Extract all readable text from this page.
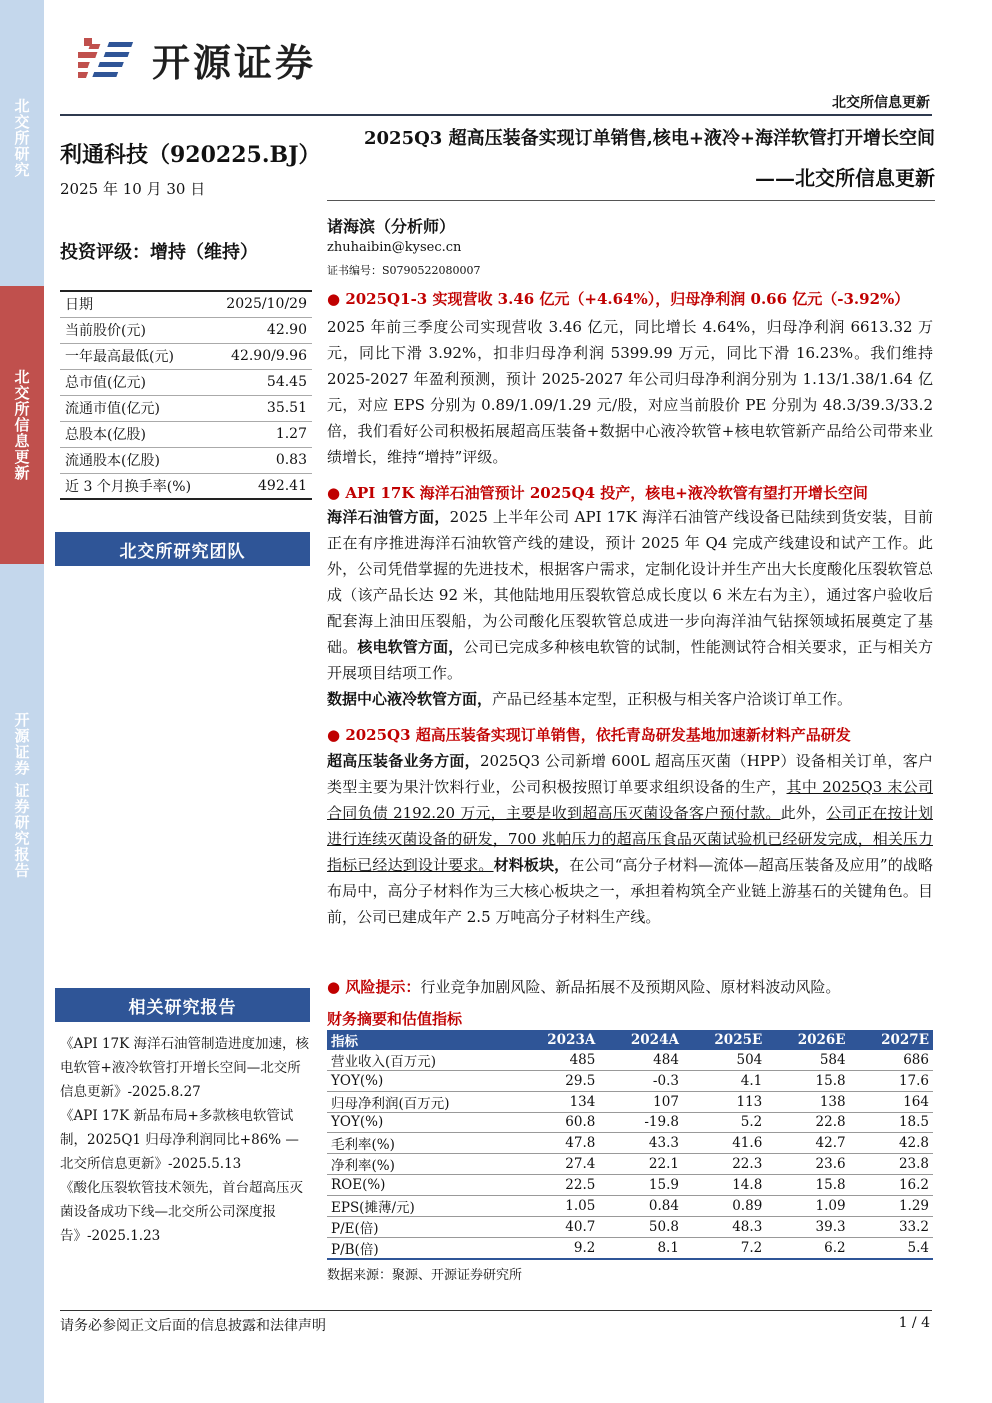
北交所研究
北交所信息更新
开源证券 证券研究报告
开源证券
北交所信息更新
利通科技（920225.BJ）
2025 年 10 月 30 日
投资评级：增持（维持）
日期	2025/10/29
当前股价(元)	42.90
一年最高最低(元)	42.90/9.96
总市值(亿元)	54.45
流通市值(亿元)	35.51
总股本(亿股)	1.27
流通股本(亿股)	0.83
近 3 个月换手率(%)	492.41
北交所研究团队
相关研究报告

《API 17K 海洋石油管制造进度加速，核电软管+液冷软管打开增长空间—北交所信息更新》-2025.8.27

《API 17K 新品布局+多款核电软管试制，2025Q1 归母净利润同比+86% —北交所信息更新》-2025.5.13

《酸化压裂软管技术领先，首台超高压灭菌设备成功下线—北交所公司深度报告》-2025.1.23

2025Q3 超高压装备实现订单销售,核电+液冷+海洋软管打开增长空间
——北交所信息更新
诸海滨（分析师）
zhuhaibin@kysec.cn
证书编号：S0790522080007
● 2025Q1-3 实现营收 3.46 亿元（+4.64%），归母净利润 0.66 亿元（-3.92%）
2025 年前三季度公司实现营收 3.46 亿元，同比增长 4.64%，归母净利润 6613.32 万元，同比下滑 3.92%，扣非归母净利润 5399.99 万元，同比下滑 16.23%。我们维持 2025-2027 年盈利预测，预计 2025-2027 年公司归母净利润分别为 1.13/1.38/1.64 亿元，对应 EPS 分别为 0.89/1.09/1.29 元/股，对应当前股价 PE 分别为 48.3/39.3/33.2 倍，我们看好公司积极拓展超高压装备+数据中心液冷软管+核电软管新产品给公司带来业绩增长，维持“增持”评级。
● API 17K 海洋石油管预计 2025Q4 投产，核电+液冷软管有望打开增长空间
海洋石油管方面，2025 上半年公司 API 17K 海洋石油管产线设备已陆续到货安装，目前正在有序推进海洋石油软管产线的建设，预计 2025 年 Q4 完成产线建设和试产工作。此外，公司凭借掌握的先进技术，根据客户需求，定制化设计并生产出大长度酸化压裂软管总成（该产品长达 92 米，其他陆地用压裂软管总成长度以 6 米左右为主），通过客户验收后配套海上油田压裂船，为公司酸化压裂软管总成进一步向海洋油气钻探领域拓展奠定了基础。核电软管方面，公司已完成多种核电软管的试制，性能测试符合相关要求，正与相关方开展项目结项工作。
数据中心液冷软管方面，产品已经基本定型，正积极与相关客户洽谈订单工作。
● 2025Q3 超高压装备实现订单销售，依托青岛研发基地加速新材料产品研发
超高压装备业务方面，2025Q3 公司新增 600L 超高压灭菌（HPP）设备相关订单，客户类型主要为果汁饮料行业，公司积极按照订单要求组织设备的生产，其中 2025Q3 末公司合同负债 2192.20 万元，主要是收到超高压灭菌设备客户预付款。此外，公司正在按计划进行连续灭菌设备的研发，700 兆帕压力的超高压食品灭菌试验机已经研发完成，相关压力指标已经达到设计要求。材料板块，在公司“高分子材料—流体—超高压装备及应用”的战略布局中，高分子材料作为三大核心板块之一，承担着构筑全产业链上游基石的关键角色。目前，公司已建成年产 2.5 万吨高分子材料生产线。
● 风险提示：行业竞争加剧风险、新品拓展不及预期风险、原材料波动风险。
财务摘要和估值指标
指标	2023A	2024A	2025E	2026E	2027E
营业收入(百万元)	485	484	504	584	686
YOY(%)	29.5	-0.3	4.1	15.8	17.6
归母净利润(百万元)	134	107	113	138	164
YOY(%)	60.8	-19.8	5.2	22.8	18.5
毛利率(%)	47.8	43.3	41.6	42.7	42.8
净利率(%)	27.4	22.1	22.3	23.6	23.8
ROE(%)	22.5	15.9	14.8	15.8	16.2
EPS(摊薄/元)	1.05	0.84	0.89	1.09	1.29
P/E(倍)	40.7	50.8	48.3	39.3	33.2
P/B(倍)	9.2	8.1	7.2	6.2	5.4
数据来源：聚源、开源证券研究所
请务必参阅正文后面的信息披露和法律声明	1 / 4
